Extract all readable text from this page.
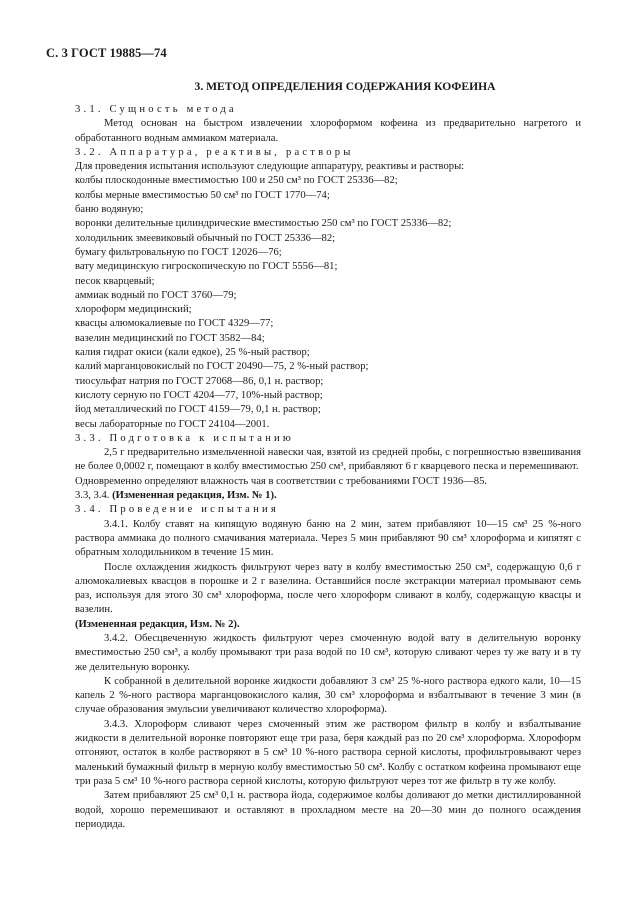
С. 3 ГОСТ 19885—74
3. МЕТОД ОПРЕДЕЛЕНИЯ СОДЕРЖАНИЯ КОФЕИНА

3.1. Сущность метода

Метод основан на быстром извлечении хлороформом кофеина из предварительно нагретого и обработанного водным аммиаком материала.

3.2. Аппаратура, реактивы, растворы

Для проведения испытания используют следующие аппаратуру, реактивы и растворы:

колбы плоскодонные вместимостью 100 и 250 см³ по ГОСТ 25336—82;

колбы мерные вместимостью 50 см³ по ГОСТ 1770—74;

баню водяную;

воронки делительные цилиндрические вместимостью 250 см³ по ГОСТ 25336—82;

холодильник змеевиковый обычный по ГОСТ 25336—82;

бумагу фильтровальную по ГОСТ 12026—76;

вату медицинскую гигроскопическую по ГОСТ 5556—81;

песок кварцевый;

аммиак водный по ГОСТ 3760—79;

хлороформ медицинский;

квасцы алюмокалиевые по ГОСТ 4329—77;

вазелин медицинский по ГОСТ 3582—84;

калия гидрат окиси (кали едкое), 25 %-ный раствор;

калий марганцовокислый по ГОСТ 20490—75, 2 %-ный раствор;

тиосульфат натрия по ГОСТ 27068—86, 0,1 н. раствор;

кислоту серную по ГОСТ 4204—77, 10%-ный раствор;

йод металлический по ГОСТ 4159—79, 0,1 н. раствор;

весы лабораторные по ГОСТ 24104—2001.

3.3. Подготовка к испытанию

2,5 г предварительно измельченной навески чая, взятой из средней пробы, с погрешностью взвешивания не более 0,0002 г, помещают в колбу вместимостью 250 см³, прибавляют 6 г кварцевого песка и перемешивают.

Одновременно определяют влажность чая в соответствии с требованиями ГОСТ 1936—85.

3.3, 3.4. (Измененная редакция, Изм. № 1).

3.4. Проведение испытания

3.4.1. Колбу ставят на кипящую водяную баню на 2 мин, затем прибавляют 10—15 см³ 25 %-ного раствора аммиака до полного смачивания материала. Через 5 мин прибавляют 90 см³ хлороформа и кипятят с обратным холодильником в течение 15 мин.

После охлаждения жидкость фильтруют через вату в колбу вместимостью 250 см³, содержащую 0,6 г алюмокалиевых квасцов в порошке и 2 г вазелина. Оставшийся после экстракции материал промывают семь раз, используя для этого 30 см³ хлороформа, после чего хлороформ сливают в колбу, содержащую квасцы и вазелин.

(Измененная редакция, Изм. № 2).

3.4.2. Обесцвеченную жидкость фильтруют через смоченную водой вату в делительную воронку вместимостью 250 см³, а колбу промывают три раза водой по 10 см³, которую сливают через ту же вату и в ту же делительную воронку.

К собранной в делительной воронке жидкости добавляют 3 см³ 25 %-ного раствора едкого кали, 10—15 капель 2 %-ного раствора марганцовокислого калия, 30 см³ хлороформа и взбалтывают в течение 3 мин (в случае образования эмульсии увеличивают количество хлороформа).

3.4.3. Хлороформ сливают через смоченный этим же раствором фильтр в колбу и взбалтывание жидкости в делительной воронке повторяют еще три раза, беря каждый раз по 20 см³ хлороформа. Хлороформ отгоняют, остаток в колбе растворяют в 5 см³ 10 %-ного раствора серной кислоты, профильтровывают через маленький бумажный фильтр в мерную колбу вместимостью 50 см³. Колбу с остатком кофеина промывают еще три раза 5 см³ 10 %-ного раствора серной кислоты, которую фильтруют через тот же фильтр в ту же колбу.

Затем прибавляют 25 см³ 0,1 н. раствора йода, содержимое колбы доливают до метки дистиллированной водой, хорошо перемешивают и оставляют в прохладном месте на 20—30 мин до полного осаждения периодида.
